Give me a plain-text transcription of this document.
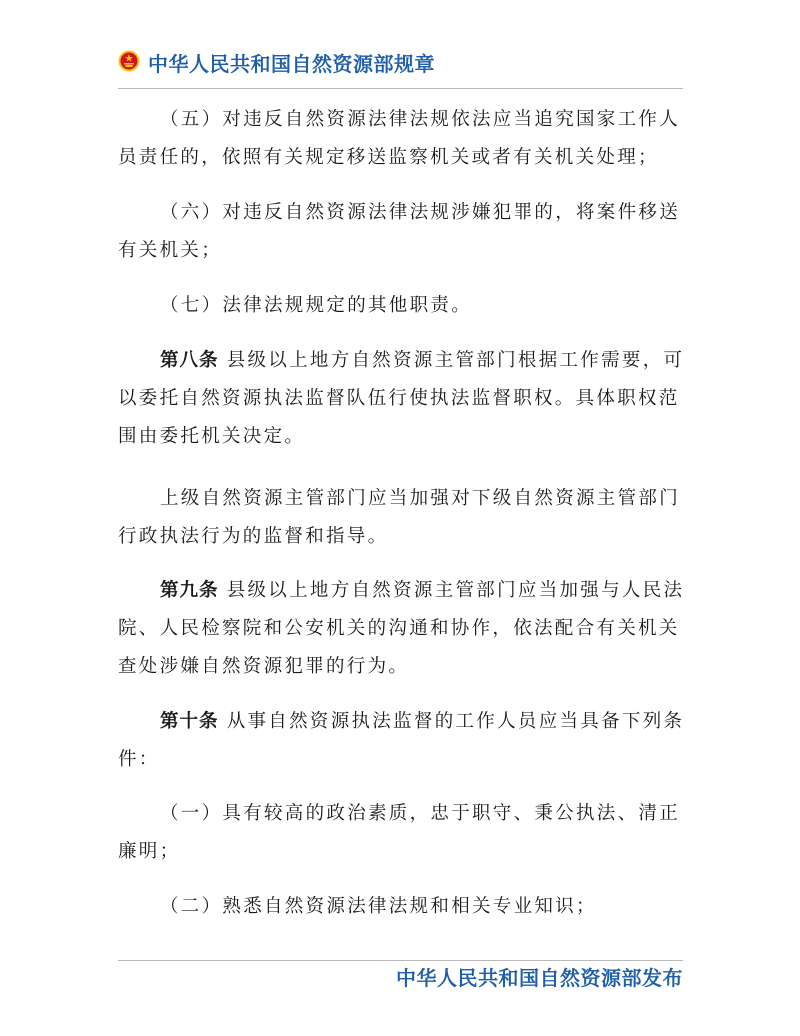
中华人民共和国自然资源部规章

（五）对违反自然资源法律法规依法应当追究国家工作人员责任的，依照有关规定移送监察机关或者有关机关处理；

（六）对违反自然资源法律法规涉嫌犯罪的，将案件移送有关机关；

（七）法律法规规定的其他职责。

第八条 县级以上地方自然资源主管部门根据工作需要，可以委托自然资源执法监督队伍行使执法监督职权。具体职权范围由委托机关决定。

上级自然资源主管部门应当加强对下级自然资源主管部门行政执法行为的监督和指导。

第九条 县级以上地方自然资源主管部门应当加强与人民法院、人民检察院和公安机关的沟通和协作，依法配合有关机关查处涉嫌自然资源犯罪的行为。

第十条 从事自然资源执法监督的工作人员应当具备下列条件：

（一）具有较高的政治素质，忠于职守、秉公执法、清正廉明；

（二）熟悉自然资源法律法规和相关专业知识；

中华人民共和国自然资源部发布
